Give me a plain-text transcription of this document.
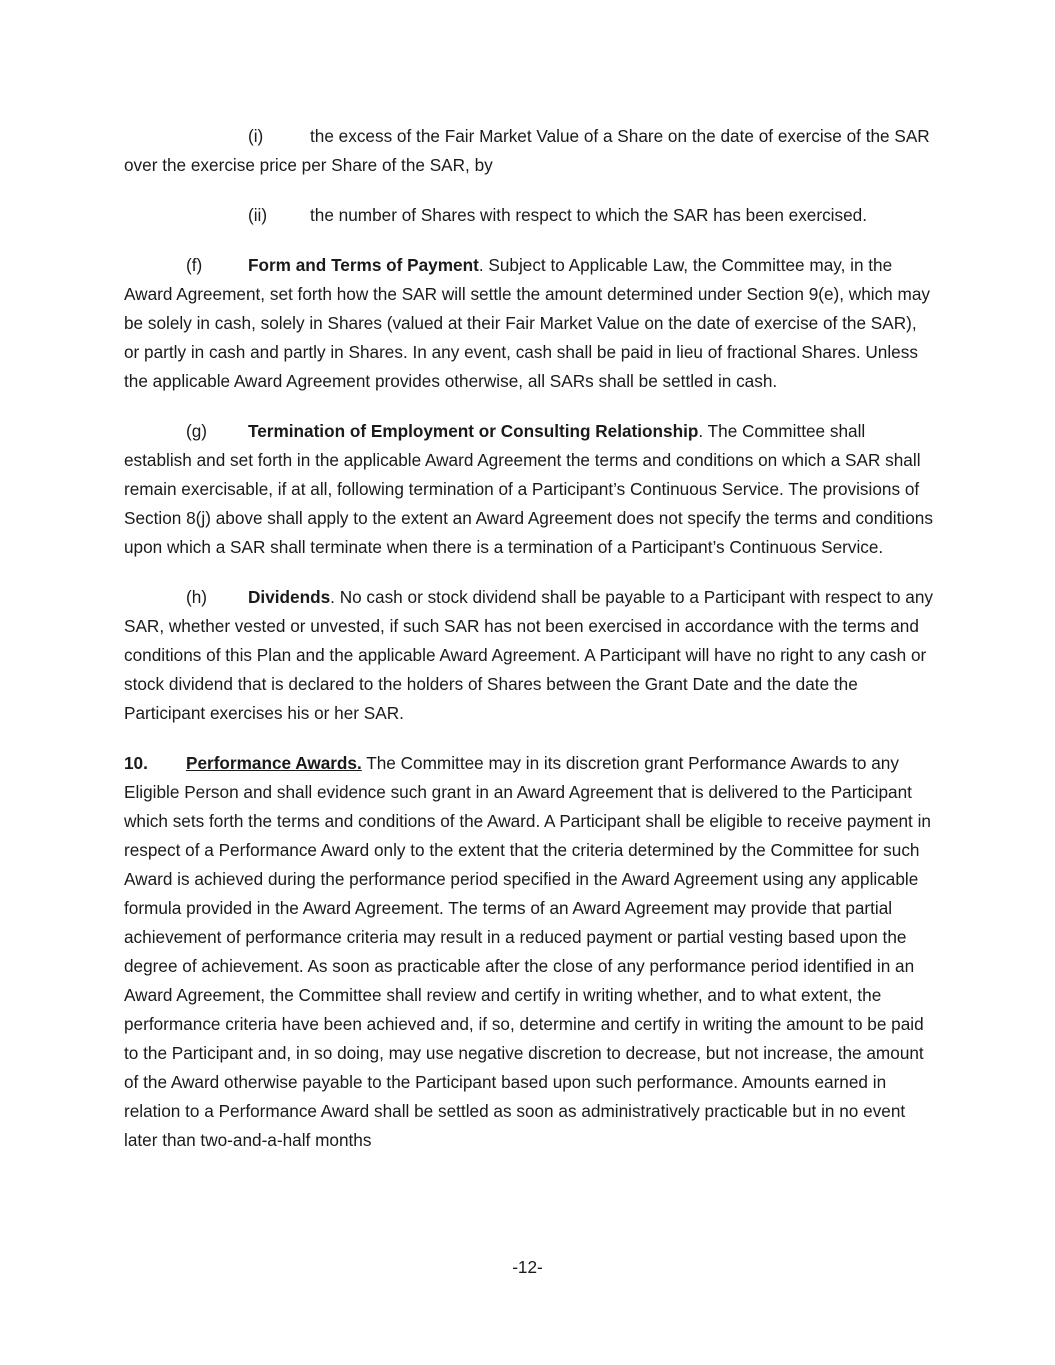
(i)	the excess of the Fair Market Value of a Share on the date of exercise of the SAR over the exercise price per Share of the SAR, by

(ii) the number of Shares with respect to which the SAR has been exercised.

(f)	Form and Terms of Payment. Subject to Applicable Law, the Committee may, in the Award Agreement, set forth how the SAR will settle the amount determined under Section 9(e), which may be solely in cash, solely in Shares (valued at their Fair Market Value on the date of exercise of the SAR), or partly in cash and partly in Shares. In any event, cash shall be paid in lieu of fractional Shares. Unless the applicable Award Agreement provides otherwise, all SARs shall be settled in cash.

(g) Termination of Employment or Consulting Relationship. The Committee shall establish and set forth in the applicable Award Agreement the terms and conditions on which a SAR shall remain exercisable, if at all, following termination of a Participant’s Continuous Service. The provisions of Section 8(j) above shall apply to the extent an Award Agreement does not specify the terms and conditions upon which a SAR shall terminate when there is a termination of a Participant’s Continuous Service.

(h) Dividends. No cash or stock dividend shall be payable to a Participant with respect to any SAR, whether vested or unvested, if such SAR has not been exercised in accordance with the terms and conditions of this Plan and the applicable Award Agreement. A Participant will have no right to any cash or stock dividend that is declared to the holders of Shares between the Grant Date and the date the Participant exercises his or her SAR.

10. Performance Awards. The Committee may in its discretion grant Performance Awards to any Eligible Person and shall evidence such grant in an Award Agreement that is delivered to the Participant which sets forth the terms and conditions of the Award. A Participant shall be eligible to receive payment in respect of a Performance Award only to the extent that the criteria determined by the Committee for such Award is achieved during the performance period specified in the Award Agreement using any applicable formula provided in the Award Agreement. The terms of an Award Agreement may provide that partial achievement of performance criteria may result in a reduced payment or partial vesting based upon the degree of achievement. As soon as practicable after the close of any performance period identified in an Award Agreement, the Committee shall review and certify in writing whether, and to what extent, the performance criteria have been achieved and, if so, determine and certify in writing the amount to be paid to the Participant and, in so doing, may use negative discretion to decrease, but not increase, the amount of the Award otherwise payable to the Participant based upon such performance. Amounts earned in relation to a Performance Award shall be settled as soon as administratively practicable but in no event later than two-and-a-half months

-12-
